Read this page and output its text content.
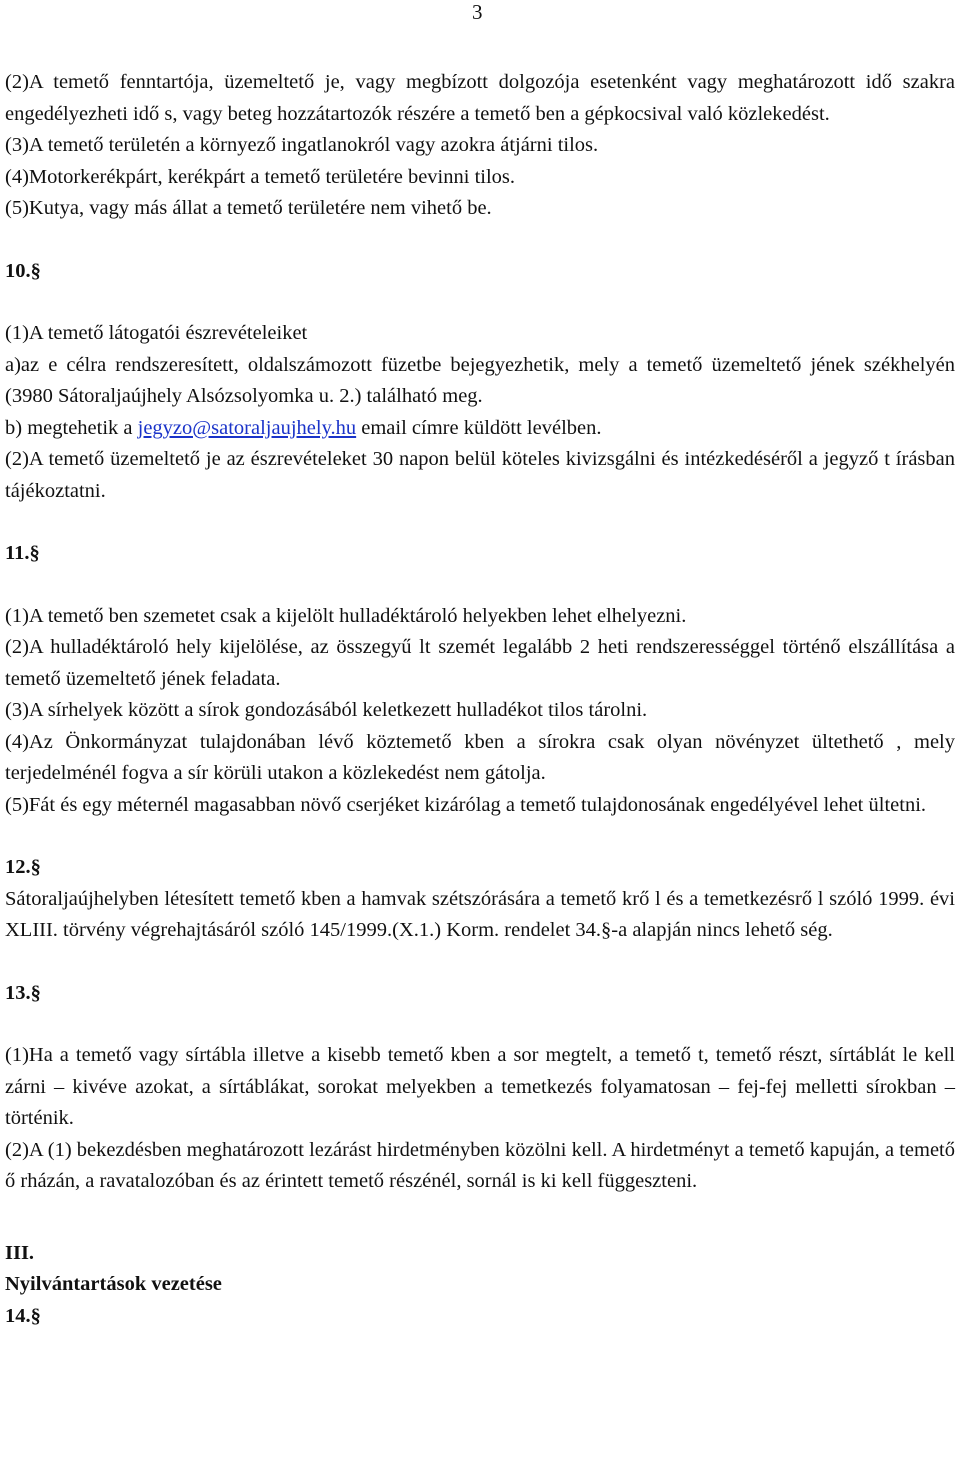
3

(2)A temető fenntartója, üzemeltető je, vagy megbízott dolgozója esetenként vagy meghatározott idő szakra engedélyezheti idő s, vagy beteg hozzátartozók részére a temető ben a gépkocsival való közlekedést.

(3)A temető területén a környező ingatlanokról vagy azokra átjárni tilos.

(4)Motorkerékpárt, kerékpárt a temető területére bevinni tilos.

(5)Kutya, vagy más állat a temető területére nem vihető be.

10.§

(1)A temető látogatói észrevételeiket

a)az e célra rendszeresített, oldalszámozott füzetbe bejegyezhetik, mely a temető üzemeltető jének székhelyén (3980 Sátoraljaújhely Alsózsolyomka u. 2.) található meg.

b) megtehetik a jegyzo@satoraljaujhely.hu email címre küldött levélben.

(2)A temető üzemeltető je az észrevételeket 30 napon belül köteles kivizsgálni és intézkedéséről a jegyző t írásban tájékoztatni.

11.§

(1)A temető ben szemetet csak a kijelölt hulladéktároló helyekben lehet elhelyezni.

(2)A hulladéktároló hely kijelölése, az összegyű lt szemét legalább 2 heti rendszerességgel történő elszállítása a temető üzemeltető jének feladata.

(3)A sírhelyek között a sírok gondozásából keletkezett hulladékot tilos tárolni.

(4)Az Önkormányzat tulajdonában lévő köztemető kben a sírokra csak olyan növényzet ültethető , mely terjedelménél fogva a sír körüli utakon a közlekedést nem gátolja.

(5)Fát és egy méternél magasabban növő cserjéket kizárólag a temető tulajdonosának engedélyével lehet ültetni.

12.§

Sátoraljaújhelyben létesített temető kben a hamvak szétszórására a temető krő l és a temetkezésrő l szóló 1999. évi XLIII. törvény végrehajtásáról szóló 145/1999.(X.1.) Korm. rendelet 34.§-a alapján nincs lehető ség.

13.§

(1)Ha a temető vagy sírtábla illetve a kisebb temető kben a sor megtelt, a temető t, temető részt, sírtáblát le kell zárni – kivéve azokat, a sírtáblákat, sorokat melyekben a temetkezés folyamatosan – fej-fej melletti sírokban – történik.

(2)A (1) bekezdésben meghatározott lezárást hirdetményben közölni kell. A hirdetményt a temető kapuján, a temető ő rházán, a ravatalozóban és az érintett temető részénél, sornál is ki kell függeszteni.

III.

Nyilvántartások vezetése

14.§
